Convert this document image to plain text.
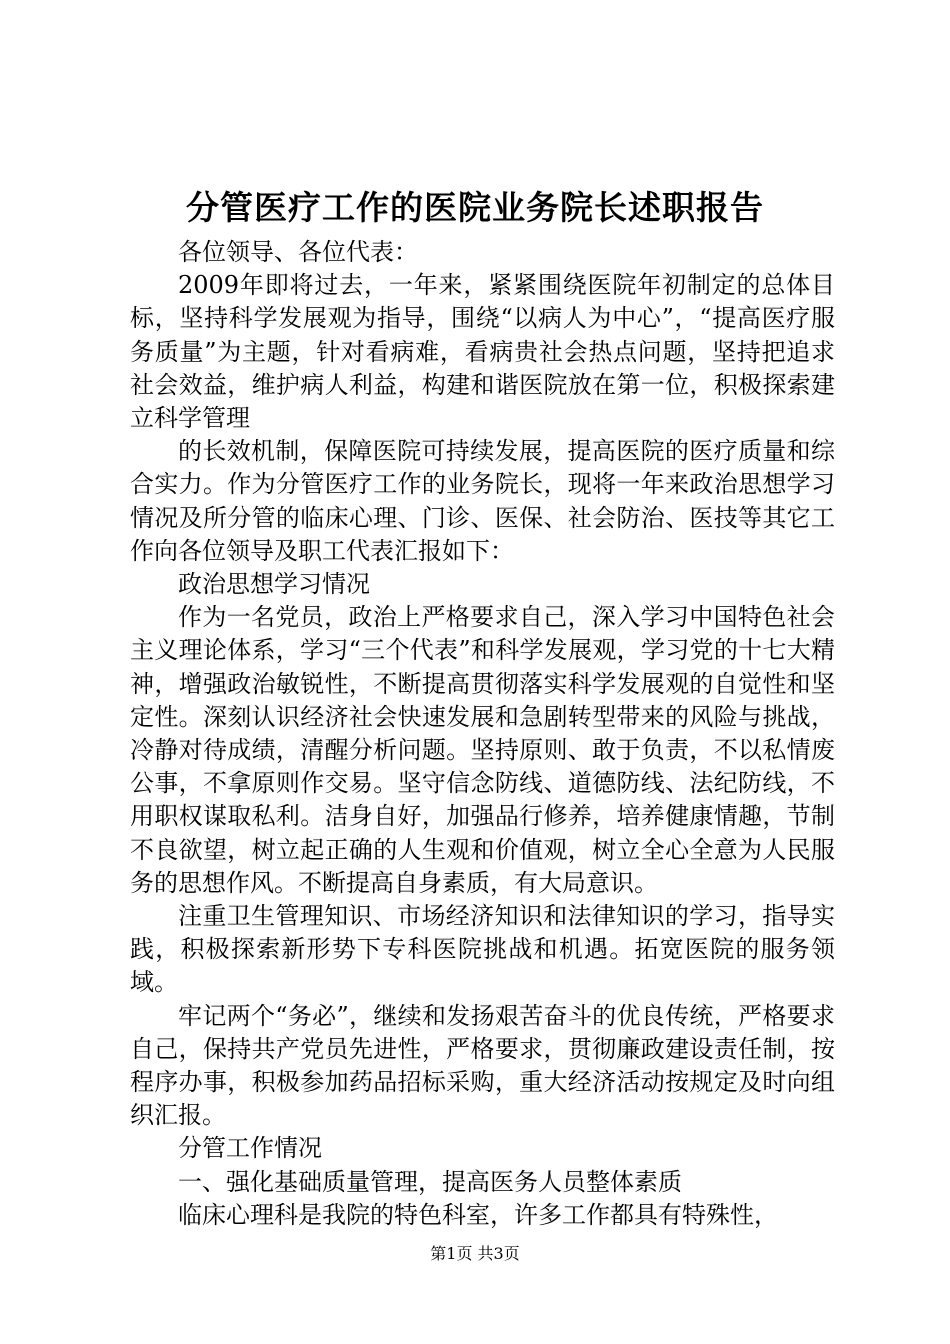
分管医疗工作的医院业务院长述职报告

各位领导、各位代表：

2009年即将过去，一年来，紧紧围绕医院年初制定的总体目标，坚持科学发展观为指导，围绕“以病人为中心”，“提高医疗服务质量”为主题，针对看病难，看病贵社会热点问题，坚持把追求社会效益，维护病人利益，构建和谐医院放在第一位，积极探索建立科学管理

的长效机制，保障医院可持续发展，提高医院的医疗质量和综合实力。作为分管医疗工作的业务院长，现将一年来政治思想学习情况及所分管的临床心理、门诊、医保、社会防治、医技等其它工作向各位领导及职工代表汇报如下：

政治思想学习情况

作为一名党员，政治上严格要求自己，深入学习中国特色社会主义理论体系，学习“三个代表”和科学发展观，学习党的十七大精神，增强政治敏锐性，不断提高贯彻落实科学发展观的自觉性和坚定性。深刻认识经济社会快速发展和急剧转型带来的风险与挑战，冷静对待成绩，清醒分析问题。坚持原则、敢于负责，不以私情废公事，不拿原则作交易。坚守信念防线、道德防线、法纪防线，不用职权谋取私利。洁身自好，加强品行修养，培养健康情趣，节制不良欲望，树立起正确的人生观和价值观，树立全心全意为人民服务的思想作风。不断提高自身素质，有大局意识。

注重卫生管理知识、市场经济知识和法律知识的学习，指导实践，积极探索新形势下专科医院挑战和机遇。拓宽医院的服务领域。

牢记两个“务必”，继续和发扬艰苦奋斗的优良传统，严格要求自己，保持共产党员先进性，严格要求，贯彻廉政建设责任制，按程序办事，积极参加药品招标采购，重大经济活动按规定及时向组织汇报。

分管工作情况

一、强化基础质量管理，提高医务人员整体素质

临床心理科是我院的特色科室，许多工作都具有特殊性，

第1页 共3页
